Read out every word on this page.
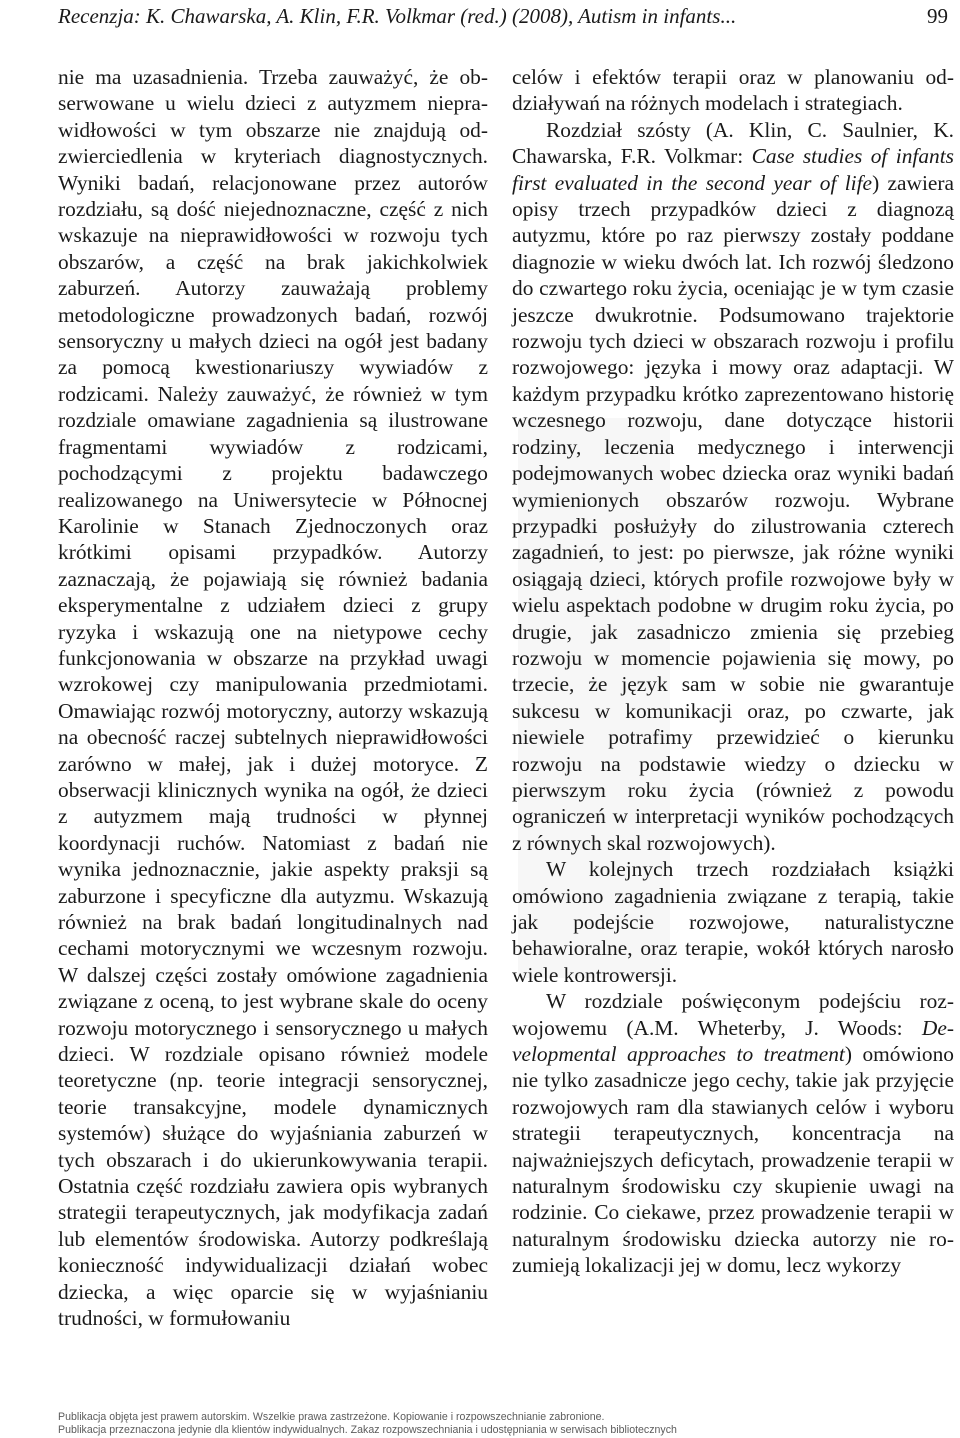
Recenzja: K. Chawarska, A. Klin, F.R. Volkmar (red.) (2008), Autism in infants...	99

nie ma uzasadnienia. Trzeba zauważyć, że obserwowane u wielu dzieci z autyzmem nieprawidłowości w tym obszarze nie znajdują odzwierciedlenia w kryteriach diagnostycznych. Wyniki badań, relacjonowane przez autorów rozdziału, są dość niejednoznaczne, część z nich wskazuje na nieprawidłowości w rozwoju tych obszarów, a część na brak jakichkolwiek zaburzeń. Autorzy zauważają problemy metodologiczne prowadzonych badań, rozwój sensoryczny u małych dzieci na ogół jest badany za pomocą kwestionariuszy wywiadów z rodzicami. Należy zauważyć, że również w tym rozdziale omawiane zagadnienia są ilustrowane fragmentami wywiadów z rodzicami, pochodzącymi z projektu badawczego realizowanego na Uniwersytecie w Północnej Karolinie w Stanach Zjednoczonych oraz krótkimi opisami przypadków. Autorzy zaznaczają, że pojawiają się również badania eksperymentalne z udziałem dzieci z grupy ryzyka i wskazują one na nietypowe cechy funkcjonowania w obszarze na przykład uwagi wzrokowej czy manipulowania przedmiotami. Omawiając rozwój motoryczny, autorzy wskazują na obecność raczej subtelnych nieprawidłowości zarówno w małej, jak i dużej motoryce. Z obserwacji klinicznych wynika na ogół, że dzieci z autyzmem mają trudności w płynnej koordynacji ruchów. Natomiast z badań nie wynika jednoznacznie, jakie aspekty praksji są zaburzone i specyficzne dla autyzmu. Wskazują również na brak badań longitudinalnych nad cechami motorycznymi we wczesnym rozwoju. W dalszej części zostały omówione zagadnienia związane z oceną, to jest wybrane skale do oceny rozwoju motorycznego i sensorycznego u małych dzieci. W rozdziale opisano również modele teoretyczne (np. teorie integracji sensorycznej, teorie transakcyjne, modele dynamicznych systemów) służące do wyjaśniania zaburzeń w tych obszarach i do ukierunkowywania terapii. Ostatnia część rozdziału zawiera opis wybranych strategii terapeutycznych, jak modyfikacja zadań lub elementów środowiska. Autorzy podkreślają konieczność indywidualizacji działań wobec dziecka, a więc oparcie się w wyjaśnianiu trudności, w formułowaniu

celów i efektów terapii oraz w planowaniu oddziaływań na różnych modelach i strategiach.

Rozdział szósty (A. Klin, C. Saulnier, K. Chawarska, F.R. Volkmar: Case studies of infants first evaluated in the second year of life) zawiera opisy trzech przypadków dzieci z diagnozą autyzmu, które po raz pierwszy zostały poddane diagnozie w wieku dwóch lat. Ich rozwój śledzono do czwartego roku życia, oceniając je w tym czasie jeszcze dwukrotnie. Podsumowano trajektorie rozwoju tych dzieci w obszarach rozwoju i profilu rozwojowego: języka i mowy oraz adaptacji. W każdym przypadku krótko zaprezentowano historię wczesnego rozwoju, dane dotyczące historii rodziny, leczenia medycznego i interwencji podejmowanych wobec dziecka oraz wyniki badań wymienionych obszarów rozwoju. Wybrane przypadki posłużyły do zilustrowania czterech zagadnień, to jest: po pierwsze, jak różne wyniki osiągają dzieci, których profile rozwojowe były w wielu aspektach podobne w drugim roku życia, po drugie, jak zasadniczo zmienia się przebieg rozwoju w momencie pojawienia się mowy, po trzecie, że język sam w sobie nie gwarantuje sukcesu w komunikacji oraz, po czwarte, jak niewiele potrafimy przewidzieć o kierunku rozwoju na podstawie wiedzy o dziecku w pierwszym roku życia (również z powodu ograniczeń w interpretacji wyników pochodzących z równych skal rozwojowych).

W kolejnych trzech rozdziałach książki omówiono zagadnienia związane z terapią, takie jak podejście rozwojowe, naturalistyczne behawioralne, oraz terapie, wokół których narosło wiele kontrowersji.

W rozdziale poświęconym podejściu rozwojowemu (A.M. Wheterby, J. Woods: Developmental approaches to treatment) omówiono nie tylko zasadnicze jego cechy, takie jak przyjęcie rozwojowych ram dla stawianych celów i wyboru strategii terapeutycznych, koncentracja na najważniejszych deficytach, prowadzenie terapii w naturalnym środowisku czy skupienie uwagi na rodzinie. Co ciekawe, przez prowadzenie terapii w naturalnym środowisku dziecka autorzy nie rozumieją lokalizacji jej w domu, lecz wykorzy

Publikacja objęta jest prawem autorskim. Wszelkie prawa zastrzeżone. Kopiowanie i rozpowszechnianie zabronione.
Publikacja przeznaczona jedynie dla klientów indywidualnych. Zakaz rozpowszechniania i udostępniania w serwisach bibliotecznych
